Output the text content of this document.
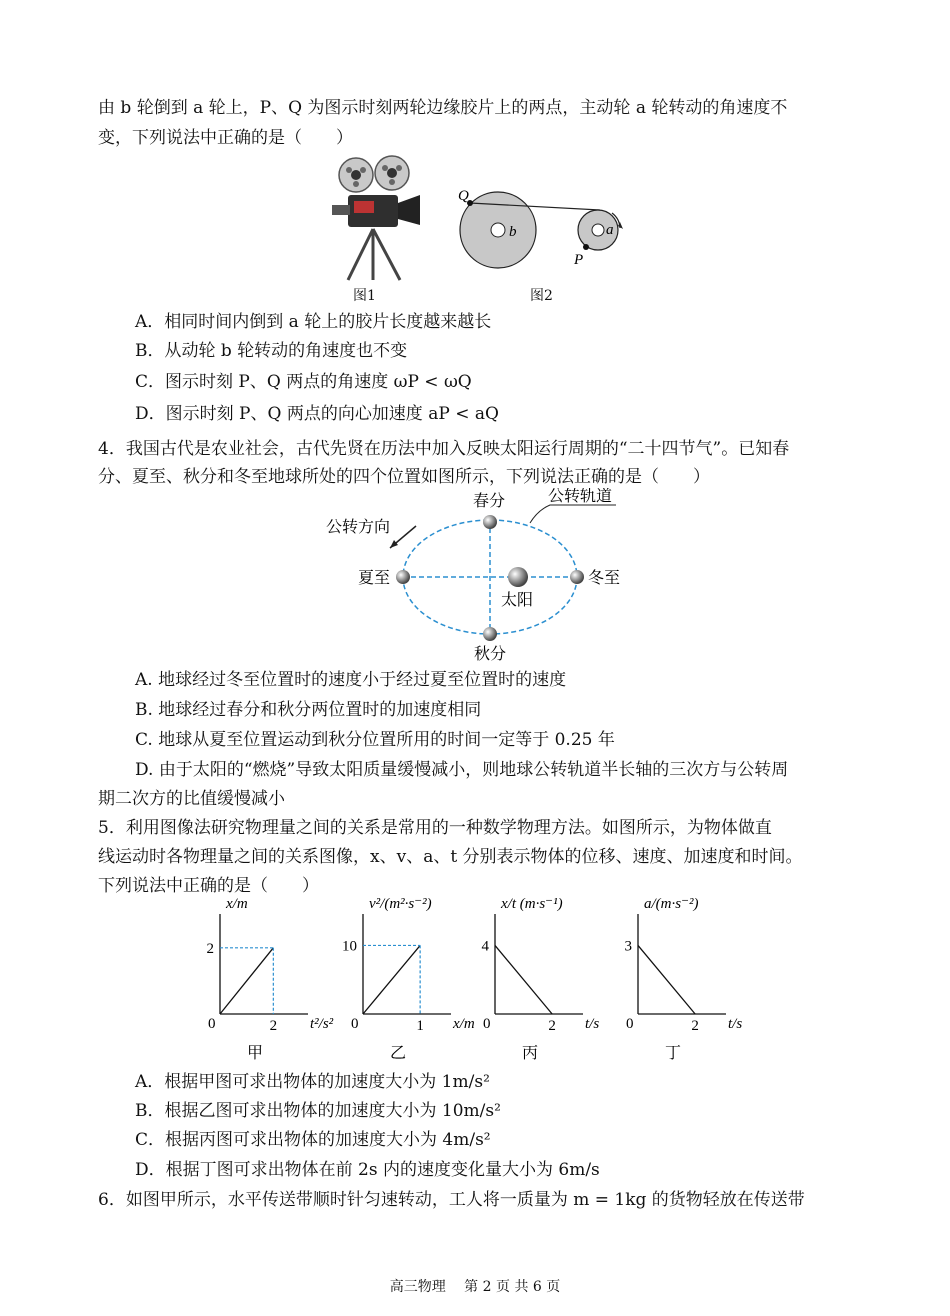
由 b 轮倒到 a 轮上，P、Q 为图示时刻两轮边缘胶片上的两点，主动轮 a 轮转动的角速度不
变，下列说法中正确的是（　　）
Q
b	a
P
图1	图2
A．相同时间内倒到 a 轮上的胶片长度越来越长
B．从动轮 b 轮转动的角速度也不变
C．图示时刻 P、Q 两点的角速度 ωP < ωQ
D．图示时刻 P、Q 两点的向心加速度 aP < aQ
4．我国古代是农业社会，古代先贤在历法中加入反映太阳运行周期的“二十四节气”。已知春
分、夏至、秋分和冬至地球所处的四个位置如图所示，下列说法正确的是（　　）
春分	公转轨道
公转方向
夏至	冬至
太阳
秋分
A. 地球经过冬至位置时的速度小于经过夏至位置时的速度
B. 地球经过春分和秋分两位置时的加速度相同
C. 地球从夏至位置运动到秋分位置所用的时间一定等于 0.25 年
D. 由于太阳的“燃烧”导致太阳质量缓慢减小，则地球公转轨道半长轴的三次方与公转周
期二次方的比值缓慢减小
5．利用图像法研究物理量之间的关系是常用的一种数学物理方法。如图所示，为物体做直
线运动时各物理量之间的关系图像，x、v、a、t 分别表示物体的位移、速度、加速度和时间。
下列说法中正确的是（　　）
0	2
2
t²/s²
x/m
甲
0	1
10
x/m
v²/(m²·s⁻²)
乙
0	2
4
t/s
x/t (m·s⁻¹)
丙
0	2
3
t/s
a/(m·s⁻²)
丁
A．根据甲图可求出物体的加速度大小为 1m/s²
B．根据乙图可求出物体的加速度大小为 10m/s²
C．根据丙图可求出物体的加速度大小为 4m/s²
D．根据丁图可求出物体在前 2s 内的速度变化量大小为 6m/s
6．如图甲所示，水平传送带顺时针匀速转动，工人将一质量为 m = 1kg 的货物轻放在传送带
高三物理　 第 2 页 共 6 页
